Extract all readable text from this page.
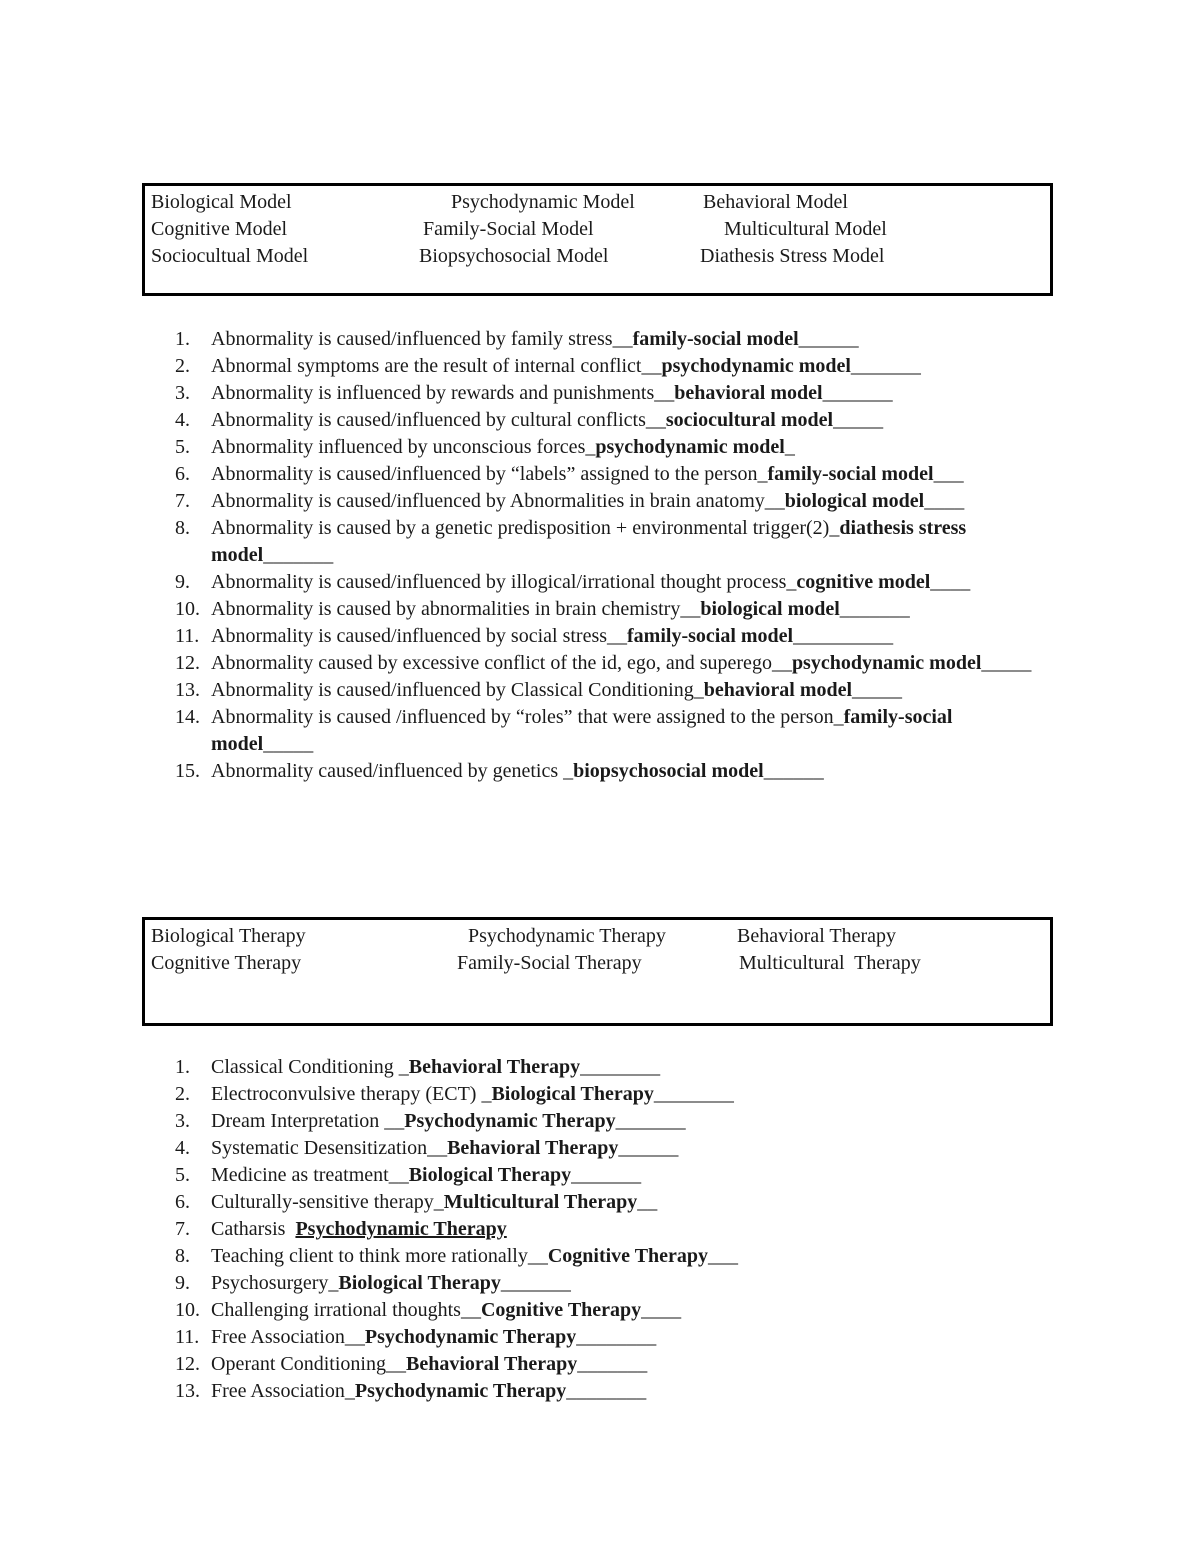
Biological Model	Psychodynamic Model	Behavioral Model
Cognitive Model	Family-Social Model	Multicultural Model
Sociocultual Model	Biopsychosocial Model	Diathesis Stress Model
1.	Abnormality is caused/influenced by family stress__family-social model______
2.	Abnormal symptoms are the result of internal conflict__psychodynamic model_______
3.	Abnormality is influenced by rewards and punishments__behavioral model_______
4.	Abnormality is caused/influenced by cultural conflicts__sociocultural model_____
5.	Abnormality influenced by unconscious forces_psychodynamic model_
6.	Abnormality is caused/influenced by “labels” assigned to the person_family-social model___
7.	Abnormality is caused/influenced by Abnormalities in brain anatomy__biological model____
8.	Abnormality is caused by a genetic predisposition + environmental trigger(2)_diathesis stress model_______
9.	Abnormality is caused/influenced by illogical/irrational thought process_cognitive model____
10. Abnormality is caused by abnormalities in brain chemistry__biological model_______
11. Abnormality is caused/influenced by social stress__family-social model__________
12. Abnormality caused by excessive conflict of the id, ego, and superego__psychodynamic model_____
13. Abnormality is caused/influenced by Classical Conditioning_behavioral model_____
14. Abnormality is caused /influenced by “roles” that were assigned to the person_family-social model_____
15. Abnormality caused/influenced by genetics _biopsychosocial model______
Biological Therapy	Psychodynamic Therapy	Behavioral Therapy
Cognitive Therapy	Family-Social Therapy	Multicultural  Therapy
1.	Classical Conditioning _Behavioral Therapy________
2.	Electroconvulsive therapy (ECT) _Biological Therapy________
3.	Dream Interpretation __Psychodynamic Therapy_______
4.	Systematic Desensitization__Behavioral Therapy______
5.	Medicine as treatment__Biological Therapy_______
6.	Culturally-sensitive therapy_Multicultural Therapy__
7.	Catharsis  Psychodynamic Therapy
8.	Teaching client to think more rationally__Cognitive Therapy___
9.	Psychosurgery_Biological Therapy_______
10. Challenging irrational thoughts__Cognitive Therapy____
11. Free Association__Psychodynamic Therapy________
12. Operant Conditioning__Behavioral Therapy_______
13. Free Association_Psychodynamic Therapy________
